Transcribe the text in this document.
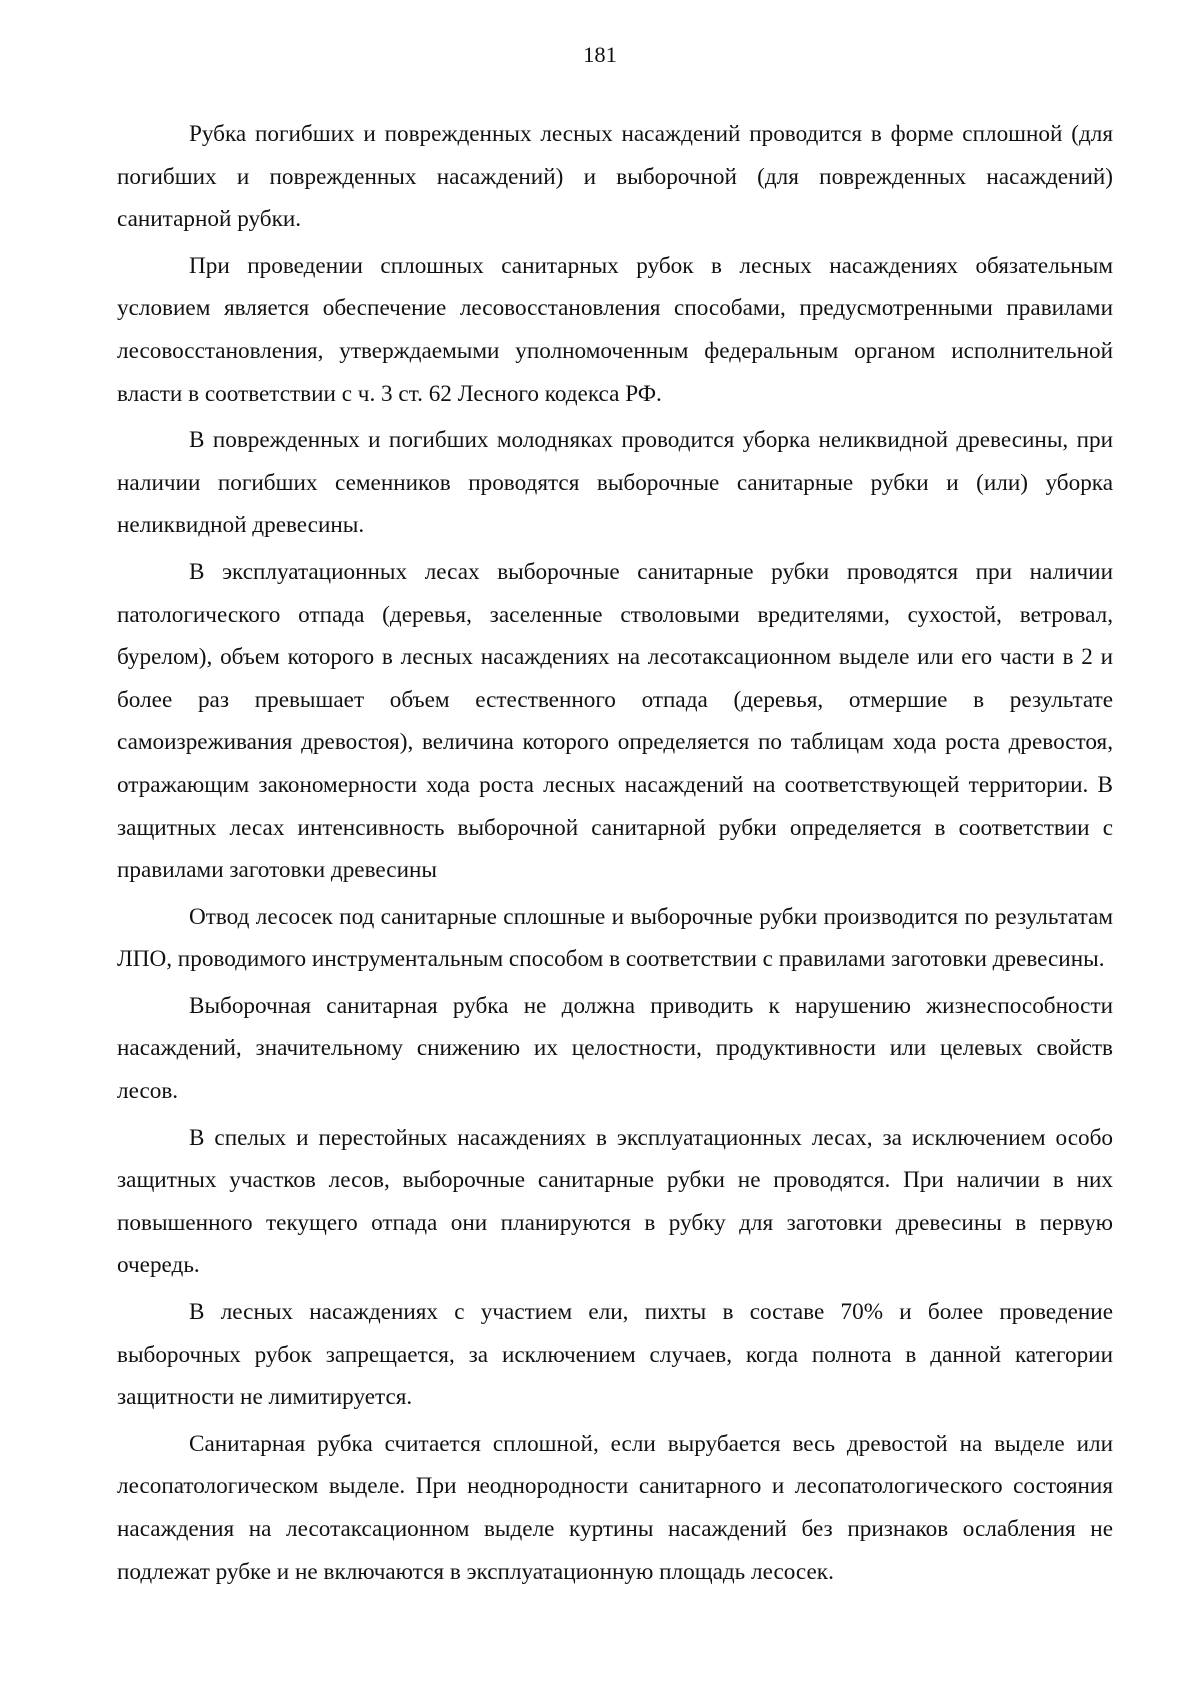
181

Рубка погибших и поврежденных лесных насаждений проводится в форме сплошной (для погибших и поврежденных насаждений) и выборочной (для поврежденных насаждений) санитарной рубки.

При проведении сплошных санитарных рубок в лесных насаждениях обязательным условием является обеспечение лесовосстановления способами, предусмотренными правилами лесовосстановления, утверждаемыми уполномоченным федеральным органом исполнительной власти в соответствии с ч. 3 ст. 62 Лесного кодекса РФ.

В поврежденных и погибших молодняках проводится уборка неликвидной древесины, при наличии погибших семенников проводятся выборочные санитарные рубки и (или) уборка неликвидной древесины.

В эксплуатационных лесах выборочные санитарные рубки проводятся при наличии патологического отпада (деревья, заселенные стволовыми вредителями, сухостой, ветровал, бурелом), объем которого в лесных насаждениях на лесотаксационном выделе или его части в 2 и более раз превышает объем естественного отпада (деревья, отмершие в результате самоизреживания древостоя), величина которого определяется по таблицам хода роста древостоя, отражающим закономерности хода роста лесных насаждений на соответствующей территории. В защитных лесах интенсивность выборочной санитарной рубки определяется в соответствии с правилами заготовки древесины

Отвод лесосек под санитарные сплошные и выборочные рубки производится по результатам ЛПО, проводимого инструментальным способом в соответствии с правилами заготовки древесины.

Выборочная санитарная рубка не должна приводить к нарушению жизнеспособности насаждений, значительному снижению их целостности, продуктивности или целевых свойств лесов.

В спелых и перестойных насаждениях в эксплуатационных лесах, за исключением особо защитных участков лесов, выборочные санитарные рубки не проводятся. При наличии в них повышенного текущего отпада они планируются в рубку для заготовки древесины в первую очередь.

В лесных насаждениях с участием ели, пихты в составе 70% и более проведение выборочных рубок запрещается, за исключением случаев, когда полнота в данной категории защитности не лимитируется.

Санитарная рубка считается сплошной, если вырубается весь древостой на выделе или лесопатологическом выделе. При неоднородности санитарного и лесопатологического состояния насаждения на лесотаксационном выделе куртины насаждений без признаков ослабления не подлежат рубке и не включаются в эксплуатационную площадь лесосек.
